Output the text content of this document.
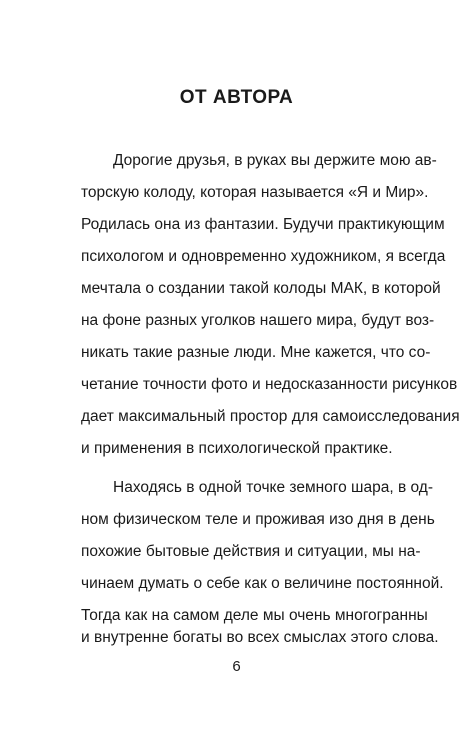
ОТ АВТОРА
Дорогие друзья, в руках вы держите мою ав-
торскую колоду, которая называется «Я и Мир».
Родилась она из фантазии. Будучи практикующим
психологом и одновременно художником, я всегда
мечтала о создании такой колоды МАК, в которой
на фоне разных уголков нашего мира, будут воз-
никать такие разные люди. Мне кажется, что со-
четание точности фото и недосказанности рисунков
дает максимальный простор для самоисследования
и применения в психологической практике.
Находясь в одной точке земного шара, в од-
ном физическом теле и проживая изо дня в день
похожие бытовые действия и ситуации, мы на-
чинаем думать о себе как о величине постоянной.
Тогда как на самом деле мы очень многогранны
и внутренне богаты во всех смыслах этого слова.
6
